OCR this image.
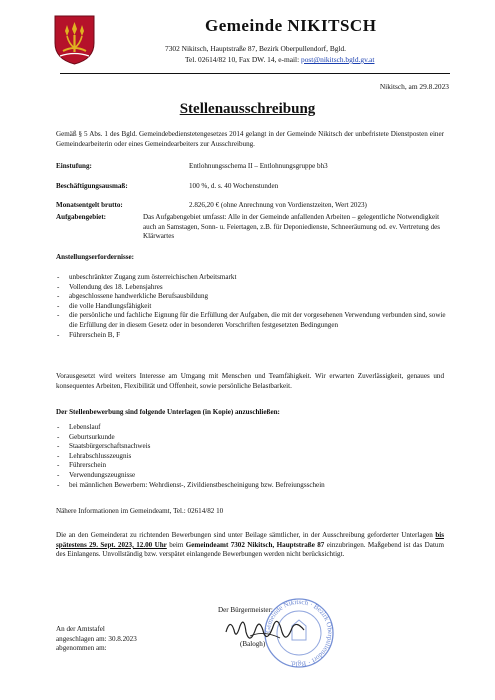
Gemeinde NIKITSCH
7302 Nikitsch, Hauptstraße 87, Bezirk Oberpullendorf, Bgld.
Tel. 02614/82 10, Fax DW. 14, e-mail: post@nikitsch.bgld.gv.at
Nikitsch, am 29.8.2023
Stellenausschreibung
Gemäß § 5 Abs. 1 des Bgld. Gemeindebedienstetengesetzes 2014 gelangt in der Gemeinde Nikitsch der unbefristete Dienstposten einer Gemeindearbeiterin oder eines Gemeindearbeiters zur Ausschreibung.
Einstufung:	Entlohnungsschema II – Entlohnungsgruppe bh3
Beschäftigungsausmaß:	100 %, d. s. 40 Wochenstunden
Monatsentgelt brutto:	2.826,20 € (ohne Anrechnung von Vordienstzeiten, Wert 2023)
Aufgabengebiet:	Das Aufgabengebiet umfasst: Alle in der Gemeinde anfallenden Arbeiten – gelegentliche Notwendigkeit auch an Samstagen, Sonn- u. Feiertagen, z.B. für Deponiedienste, Schneeräumung od. ev. Vertretung des Klärwartes
Anstellungserfordernisse:
- unbeschränkter Zugang zum österreichischen Arbeitsmarkt
- Vollendung des 18. Lebensjahres
- abgeschlossene handwerkliche Berufsausbildung
- die volle Handlungsfähigkeit
- die persönliche und fachliche Eignung für die Erfüllung der Aufgaben, die mit der vorgesehenen Verwendung verbunden sind, sowie die Erfüllung der in diesem Gesetz oder in besonderen Vorschriften festgesetzten Bedingungen
- Führerschein B, F
Vorausgesetzt wird weiters Interesse am Umgang mit Menschen und Teamfähigkeit. Wir erwarten Zuverlässigkeit, genaues und konsequentes Arbeiten, Flexibilität und Offenheit, sowie persönliche Belastbarkeit.
Der Stellenbewerbung sind folgende Unterlagen (in Kopie) anzuschließen:
- Lebenslauf
- Geburtsurkunde
- Staatsbürgerschaftsnachweis
- Lehrabschlusszeugnis
- Führerschein
- Verwendungszeugnisse
- bei männlichen Bewerbern: Wehrdienst-, Zivildienstbescheinigung bzw. Befreiungsschein
Nähere Informationen im Gemeindeamt, Tel.: 02614/82 10
Die an den Gemeinderat zu richtenden Bewerbungen sind unter Beilage sämtlicher, in der Ausschreibung geforderter Unterlagen bis spätestens 29. Sept. 2023, 12.00 Uhr beim Gemeindeamt 7302 Nikitsch, Hauptstraße 87 einzubringen. Maßgebend ist das Datum des Einlangens. Unvollständig bzw. verspätet einlangende Bewerbungen werden nicht berücksichtigt.
An der Amtstafel
angeschlagen am: 30.8.2023
abgenommen am:
Der Bürgermeister:
Gemeinde Nikitsch · Bezirk Oberpullendorf · Bgld.
(Balogh)
